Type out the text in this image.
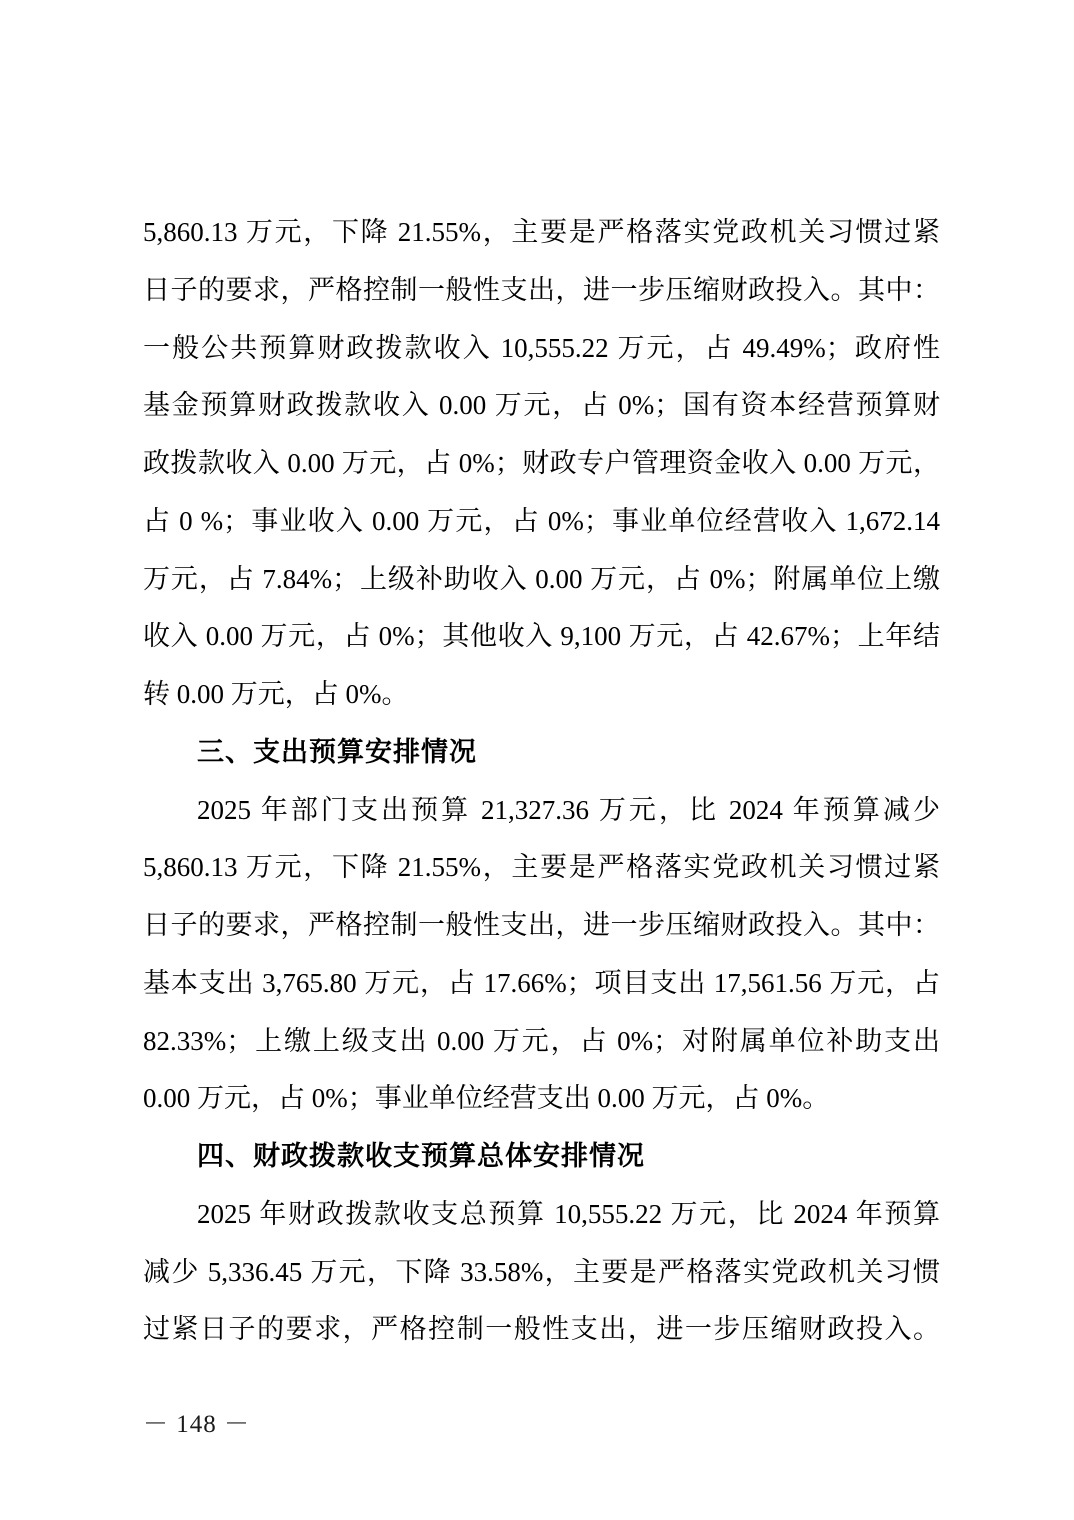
5,860.13 万元，下降 21.55%，主要是严格落实党政机关习惯过紧
日子的要求，严格控制一般性支出，进一步压缩财政投入。其中：
一般公共预算财政拨款收入 10,555.22 万元，占 49.49%；政府性
基金预算财政拨款收入 0.00 万元，占 0%；国有资本经营预算财
政拨款收入 0.00 万元，占 0%；财政专户管理资金收入 0.00 万元，
占 0 %；事业收入 0.00 万元，占 0%；事业单位经营收入 1,672.14
万元，占 7.84%；上级补助收入 0.00 万元，占 0%；附属单位上缴
收入 0.00 万元，占 0%；其他收入 9,100 万元，占 42.67%；上年结
转 0.00 万元，占 0%。
三、支出预算安排情况
2025 年部门支出预算 21,327.36 万元，比 2024 年预算减少
5,860.13 万元，下降 21.55%，主要是严格落实党政机关习惯过紧
日子的要求，严格控制一般性支出，进一步压缩财政投入。其中：
基本支出 3,765.80 万元，占 17.66%；项目支出 17,561.56 万元，占
82.33%；上缴上级支出 0.00 万元，占 0%；对附属单位补助支出
0.00 万元，占 0%；事业单位经营支出 0.00 万元，占 0%。
四、财政拨款收支预算总体安排情况
2025 年财政拨款收支总预算 10,555.22 万元，比 2024 年预算
减少 5,336.45 万元，下降 33.58%，主要是严格落实党政机关习惯
过紧日子的要求，严格控制一般性支出，进一步压缩财政投入。
－ 148 －
